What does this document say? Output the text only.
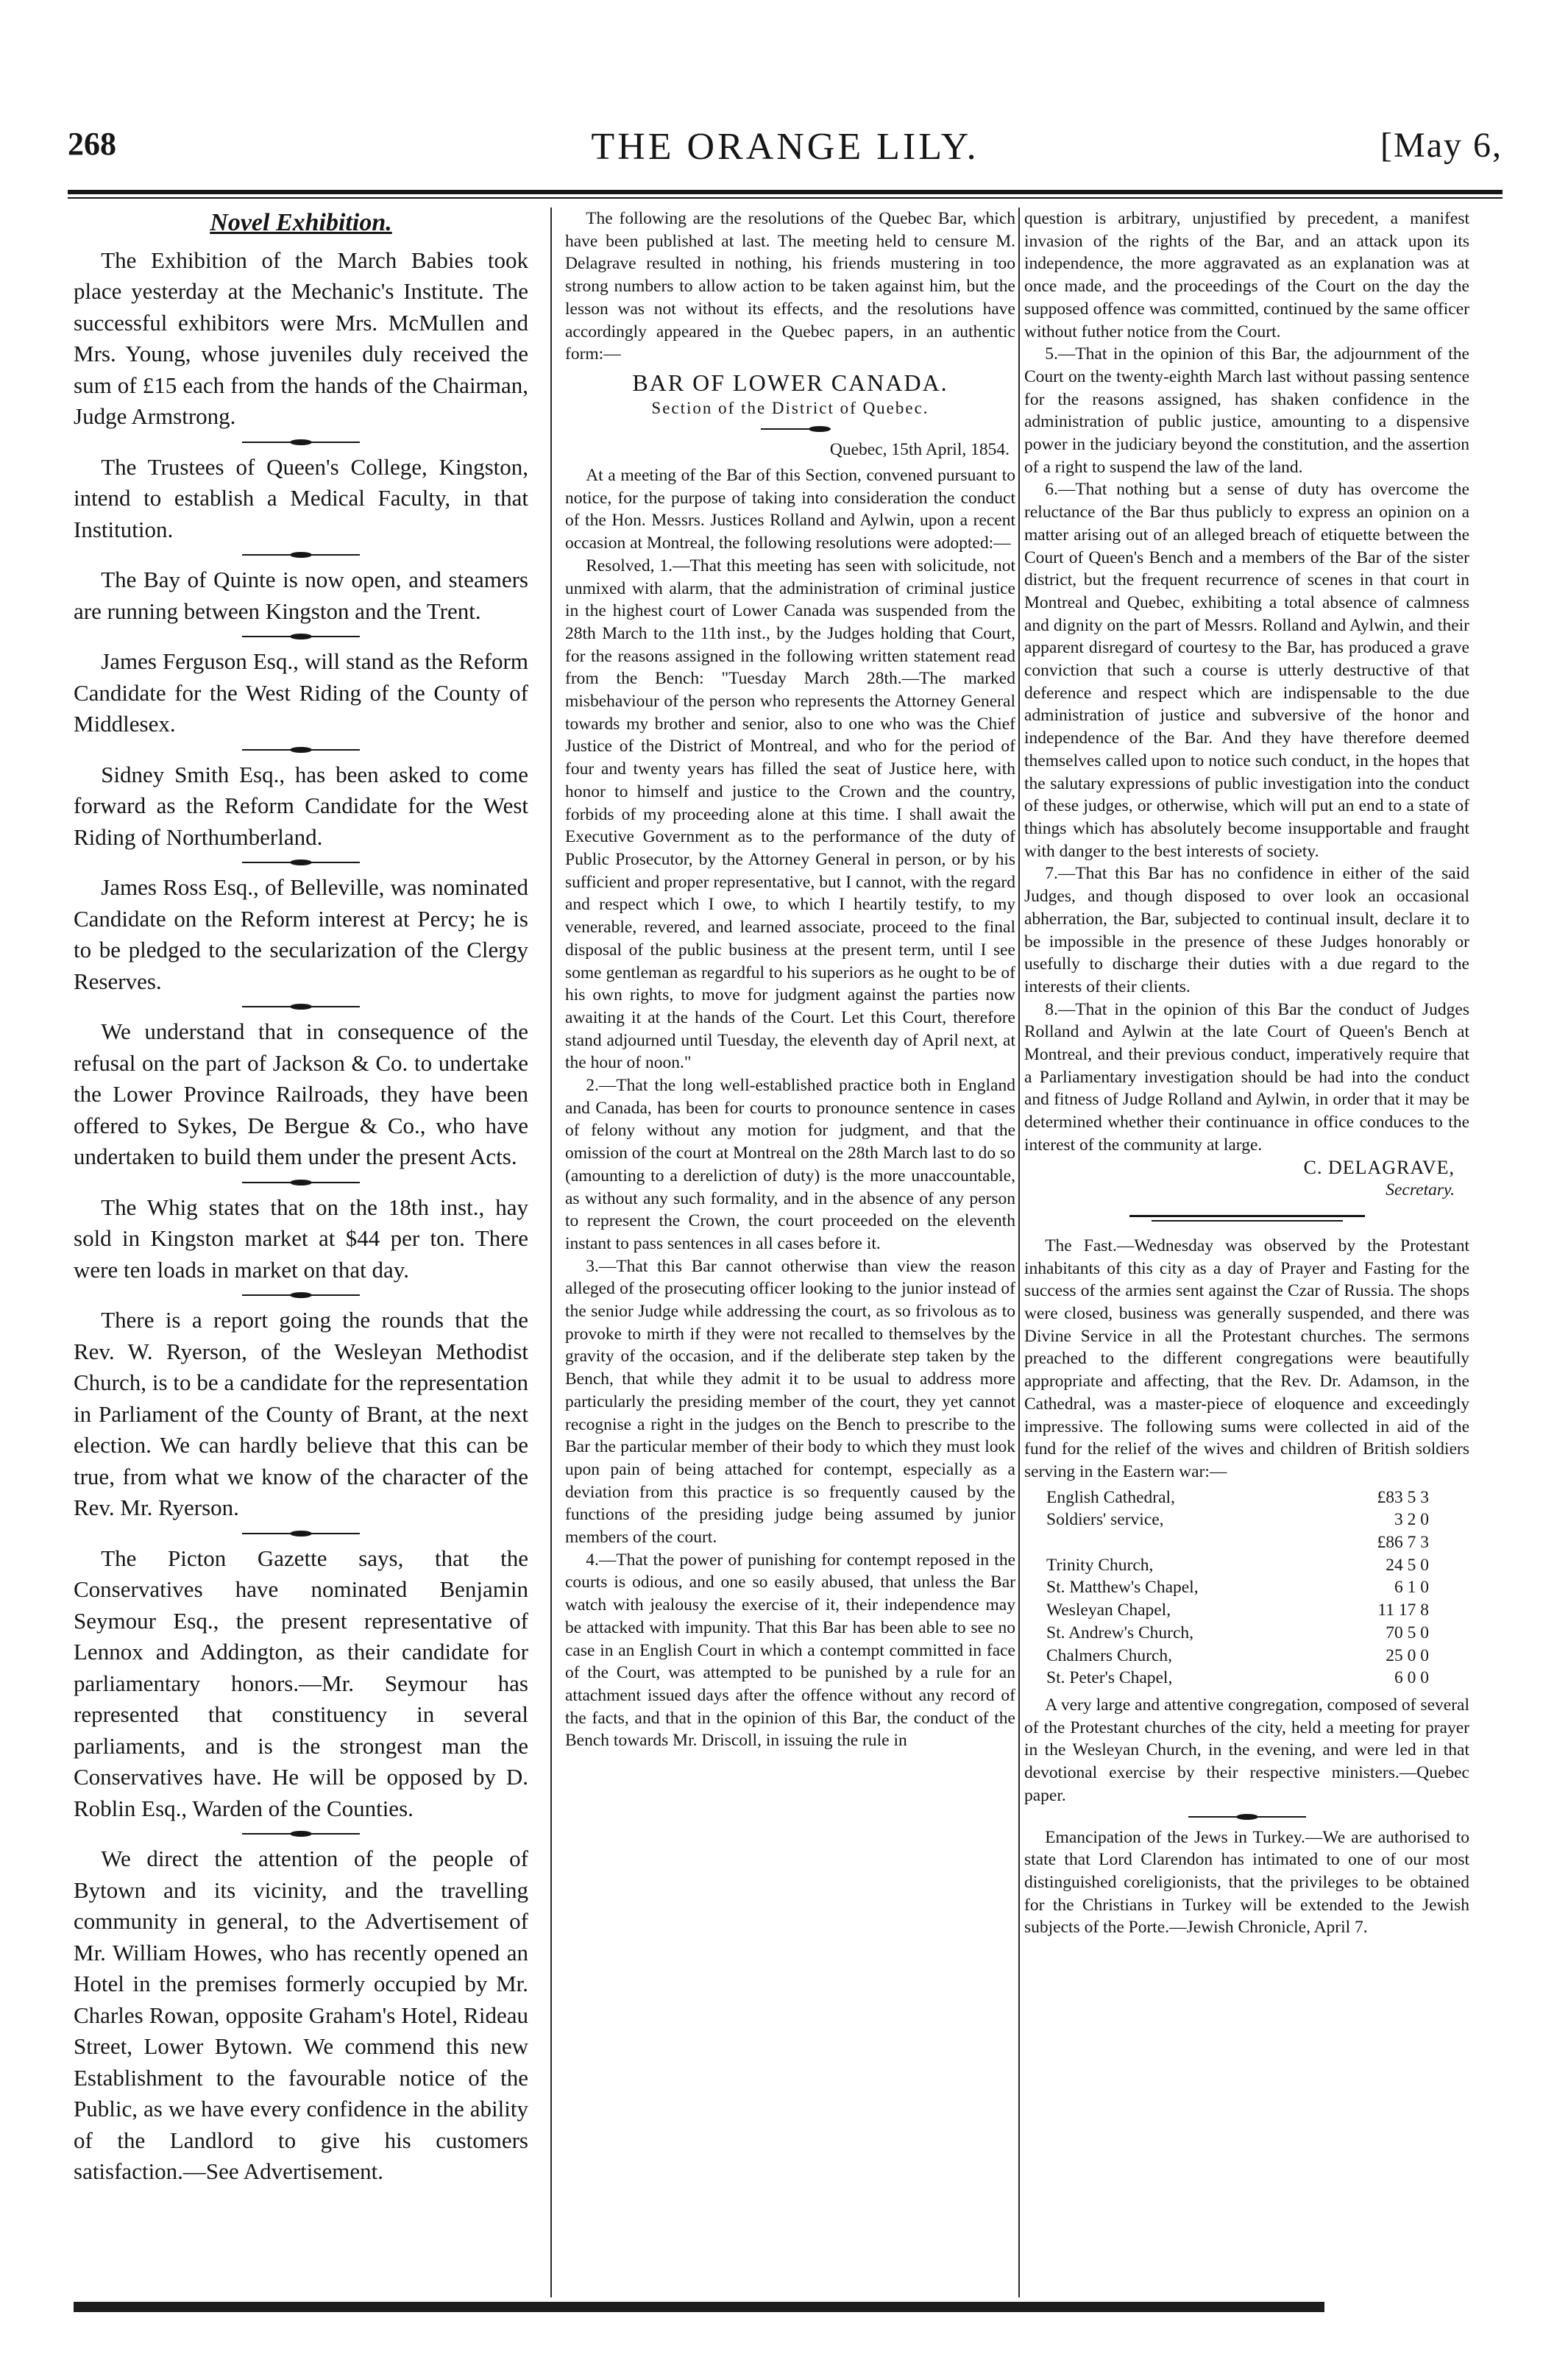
268	THE ORANGE LILY.	[May 6,
Novel Exhibition.

The Exhibition of the March Babies took place yesterday at the Mechanic's Institute. The successful exhibitors were Mrs. McMullen and Mrs. Young, whose juveniles duly received the sum of £15 each from the hands of the Chairman, Judge Armstrong.

The Trustees of Queen's College, Kingston, intend to establish a Medical Faculty, in that Institution.

The Bay of Quinte is now open, and steamers are running between Kingston and the Trent.

James Ferguson Esq., will stand as the Reform Candidate for the West Riding of the County of Middlesex.

Sidney Smith Esq., has been asked to come forward as the Reform Candidate for the West Riding of Northumberland.

James Ross Esq., of Belleville, was nominated Candidate on the Reform interest at Percy; he is to be pledged to the secularization of the Clergy Reserves.

We understand that in consequence of the refusal on the part of Jackson & Co. to undertake the Lower Province Railroads, they have been offered to Sykes, De Bergue & Co., who have undertaken to build them under the present Acts.

The Whig states that on the 18th inst., hay sold in Kingston market at $44 per ton. There were ten loads in market on that day.

There is a report going the rounds that the Rev. W. Ryerson, of the Wesleyan Methodist Church, is to be a candidate for the representation in Parliament of the County of Brant, at the next election. We can hardly believe that this can be true, from what we know of the character of the Rev. Mr. Ryerson.

The Picton Gazette says, that the Conservatives have nominated Benjamin Seymour Esq., the present representative of Lennox and Addington, as their candidate for parliamentary honors.—Mr. Seymour has represented that constituency in several parliaments, and is the strongest man the Conservatives have. He will be opposed by D. Roblin Esq., Warden of the Counties.

We direct the attention of the people of Bytown and its vicinity, and the travelling community in general, to the Advertisement of Mr. William Howes, who has recently opened an Hotel in the premises formerly occupied by Mr. Charles Rowan, opposite Graham's Hotel, Rideau Street, Lower Bytown. We commend this new Establishment to the favourable notice of the Public, as we have every confidence in the ability of the Landlord to give his customers satisfaction.—See Advertisement.

The following are the resolutions of the Quebec Bar, which have been published at last. The meeting held to censure M. Delagrave resulted in nothing, his friends mustering in too strong numbers to allow action to be taken against him, but the lesson was not without its effects, and the resolutions have accordingly appeared in the Quebec papers, in an authentic form:—

BAR OF LOWER CANADA.
Section of the District of Quebec.
Quebec, 15th April, 1854.

At a meeting of the Bar of this Section, convened pursuant to notice, for the purpose of taking into consideration the conduct of the Hon. Messrs. Justices Rolland and Aylwin, upon a recent occasion at Montreal, the following resolutions were adopted:—

Resolved, 1.—That this meeting has seen with solicitude, not unmixed with alarm, that the administration of criminal justice in the highest court of Lower Canada was suspended from the 28th March to the 11th inst., by the Judges holding that Court, for the reasons assigned in the following written statement read from the Bench: "Tuesday March 28th.—The marked misbehaviour of the person who represents the Attorney General towards my brother and senior, also to one who was the Chief Justice of the District of Montreal, and who for the period of four and twenty years has filled the seat of Justice here, with honor to himself and justice to the Crown and the country, forbids of my proceeding alone at this time. I shall await the Executive Government as to the performance of the duty of Public Prosecutor, by the Attorney General in person, or by his sufficient and proper representative, but I cannot, with the regard and respect which I owe, to which I heartily testify, to my venerable, revered, and learned associate, proceed to the final disposal of the public business at the present term, until I see some gentleman as regardful to his superiors as he ought to be of his own rights, to move for judgment against the parties now awaiting it at the hands of the Court. Let this Court, therefore stand adjourned until Tuesday, the eleventh day of April next, at the hour of noon."

2.—That the long well-established practice both in England and Canada, has been for courts to pronounce sentence in cases of felony without any motion for judgment, and that the omission of the court at Montreal on the 28th March last to do so (amounting to a dereliction of duty) is the more unaccountable, as without any such formality, and in the absence of any person to represent the Crown, the court proceeded on the eleventh instant to pass sentences in all cases before it.

3.—That this Bar cannot otherwise than view the reason alleged of the prosecuting officer looking to the junior instead of the senior Judge while addressing the court, as so frivolous as to provoke to mirth if they were not recalled to themselves by the gravity of the occasion, and if the deliberate step taken by the Bench, that while they admit it to be usual to address more particularly the presiding member of the court, they yet cannot recognise a right in the judges on the Bench to prescribe to the Bar the particular member of their body to which they must look upon pain of being attached for contempt, especially as a deviation from this practice is so frequently caused by the functions of the presiding judge being assumed by junior members of the court.

4.—That the power of punishing for contempt reposed in the courts is odious, and one so easily abused, that unless the Bar watch with jealousy the exercise of it, their independence may be attacked with impunity. That this Bar has been able to see no case in an English Court in which a contempt committed in face of the Court, was attempted to be punished by a rule for an attachment issued days after the offence without any record of the facts, and that in the opinion of this Bar, the conduct of the Bench towards Mr. Driscoll, in issuing the rule in

question is arbitrary, unjustified by precedent, a manifest invasion of the rights of the Bar, and an attack upon its independence, the more aggravated as an explanation was at once made, and the proceedings of the Court on the day the supposed offence was committed, continued by the same officer without futher notice from the Court.

5.—That in the opinion of this Bar, the adjournment of the Court on the twenty-eighth March last without passing sentence for the reasons assigned, has shaken confidence in the administration of public justice, amounting to a dispensive power in the judiciary beyond the constitution, and the assertion of a right to suspend the law of the land.

6.—That nothing but a sense of duty has overcome the reluctance of the Bar thus publicly to express an opinion on a matter arising out of an alleged breach of etiquette between the Court of Queen's Bench and a members of the Bar of the sister district, but the frequent recurrence of scenes in that court in Montreal and Quebec, exhibiting a total absence of calmness and dignity on the part of Messrs. Rolland and Aylwin, and their apparent disregard of courtesy to the Bar, has produced a grave conviction that such a course is utterly destructive of that deference and respect which are indispensable to the due administration of justice and subversive of the honor and independence of the Bar. And they have therefore deemed themselves called upon to notice such conduct, in the hopes that the salutary expressions of public investigation into the conduct of these judges, or otherwise, which will put an end to a state of things which has absolutely become insupportable and fraught with danger to the best interests of society.

7.—That this Bar has no confidence in either of the said Judges, and though disposed to over look an occasional abherration, the Bar, subjected to continual insult, declare it to be impossible in the presence of these Judges honorably or usefully to discharge their duties with a due regard to the interests of their clients.

8.—That in the opinion of this Bar the conduct of Judges Rolland and Aylwin at the late Court of Queen's Bench at Montreal, and their previous conduct, imperatively require that a Parliamentary investigation should be had into the conduct and fitness of Judge Rolland and Aylwin, in order that it may be determined whether their continuance in office conduces to the interest of the community at large.

C. DELAGRAVE,
Secretary.

The Fast.—Wednesday was observed by the Protestant inhabitants of this city as a day of Prayer and Fasting for the success of the armies sent against the Czar of Russia. The shops were closed, business was generally suspended, and there was Divine Service in all the Protestant churches. The sermons preached to the different congregations were beautifully appropriate and affecting, that the Rev. Dr. Adamson, in the Cathedral, was a master-piece of eloquence and exceedingly impressive. The following sums were collected in aid of the fund for the relief of the wives and children of British soldiers serving in the Eastern war:—

English Cathedral,	£83 5 3
Soldiers' service,	3 2 0
£86 7 3
Trinity Church,	24 5 0
St. Matthew's Chapel,	6 1 0
Wesleyan Chapel,	11 17 8
St. Andrew's Church,	70 5 0
Chalmers Church,	25 0 0
St. Peter's Chapel,	6 0 0

A very large and attentive congregation, composed of several of the Protestant churches of the city, held a meeting for prayer in the Wesleyan Church, in the evening, and were led in that devotional exercise by their respective ministers.—Quebec paper.

Emancipation of the Jews in Turkey.—We are authorised to state that Lord Clarendon has intimated to one of our most distinguished coreligionists, that the privileges to be obtained for the Christians in Turkey will be extended to the Jewish subjects of the Porte.—Jewish Chronicle, April 7.
